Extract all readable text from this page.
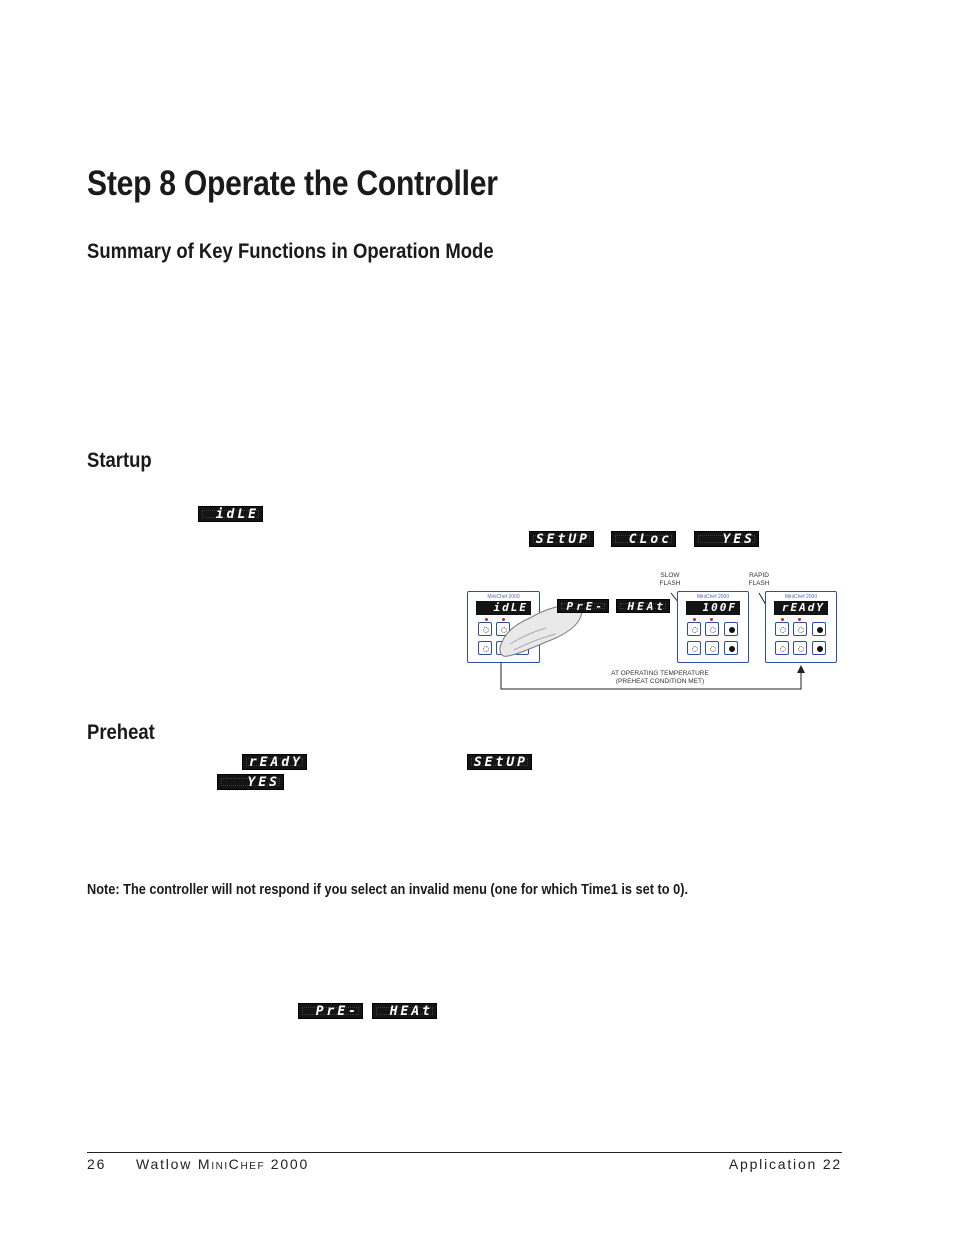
Step 8 Operate the Controller
Summary of Key Functions in Operation Mode
Startup
Preheat
idLE
SEtUP	CLoc	YES
MiniChef 2000
idLE	PrE-	HEAt
SLOW
FLASH
RAPID
FLASH
MiniChef 2000
100F
MiniChef 2000
rEAdY
AT OPERATING TEMPERATURE
(PREHEAT CONDITION MET)
rEAdY	SEtUP
YES
Note: The controller will not respond if you select an invalid menu (one for which Time1 is set to 0).
PrE-	HEAt
26 Watlow MINICHEF 2000	Application 22
